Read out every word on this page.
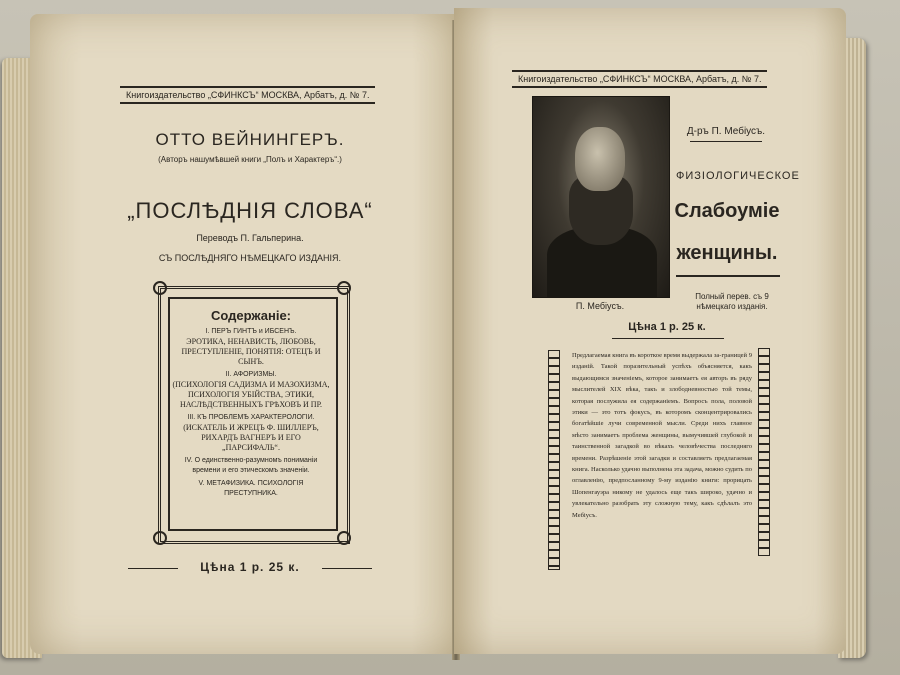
Книгоиздательство „СФИНКСЪ“ МОСКВА, Арбатъ, д. № 7.
ОТТО ВЕЙНИНГЕРЪ.
(Авторъ нашумѣвшей книги „Полъ и Характеръ“.)
„ПОСЛѢДНІЯ СЛОВА“
Переводъ П. Гальперина.
СЪ ПОСЛѢДНЯГО НѢМЕЦКАГО ИЗДАНІЯ.
Содержаніе:
I. ПЕРЪ ГИНТЪ и ИБСЕНЪ.
ЭРОТИКА, НЕНАВИСТЬ, ЛЮБОВЬ, ПРЕСТУПЛЕНІЕ, ПОНЯТІЯ: ОТЕЦЪ И СЫНЪ.
II. АФОРИЗМЫ.
(ПСИХОЛОГІЯ САДИЗМА И МАЗОХИЗМА, ПСИХОЛОГІЯ УБІЙСТВА, ЭТИКИ, НАСЛѢДСТВЕННЫХЪ ГРѢХОВЪ И ПР.
III. КЪ ПРОБЛЕМѢ ХАРАКТЕРОЛОГІИ.
(ИСКАТЕЛЬ И ЖРЕЦЪ Ф. ШИЛЛЕРЪ, РИХАРДЪ ВАГНЕРЪ И ЕГО „ПАРСИФАЛЬ“.
IV. О единственно-разумномъ пониманіи времени и его этическомъ значеніи.
V. МЕТАФИЗИКА. ПСИХОЛОГІЯ ПРЕСТУПНИКА.
Цѣна 1 р. 25 к.
Книгоиздательство „СФИНКСЪ“ МОСКВА, Арбатъ, д. № 7.
П. Мебіусъ.
Д-ръ П. Мебіусъ.
ФИЗІОЛОГИЧЕСКОЕ
Слабоуміе
женщины.
Полный перев. съ 9 нѣмецкаго изданія.
Цѣна 1 р. 25 к.
Предлагаемая книга въ короткое время выдержала за-границей 9 изданій. Такой поразительный успѣхъ объясняется, какъ выдающимся значеніемъ, которое занимаетъ ея авторъ въ ряду мыслителей XIX вѣка, такъ и злободневностью той темы, которая послужила ея содержаніемъ. Вопросъ пола, половой этики — это тотъ фокусъ, въ которомъ сконцентрировались богатѣйшіе лучи современной мысли. Среди нихъ главное мѣсто занимаетъ проблема женщины, вымучившей глубокой и таинственной загадкой во вѣкахъ человѣчества последняго времени. Разрѣшеніе этой загадки и составляетъ предлагаемая книга. Насколько удачно выполнена эта задача, можно судить по оглавленію, предпосланному 9-му изданію книги: прорицать Шопенгауэра никому не удалось еще такъ широко, удачно и увлекательно разобрать эту сложную тему, какъ сдѣлалъ это Мебіусъ.
